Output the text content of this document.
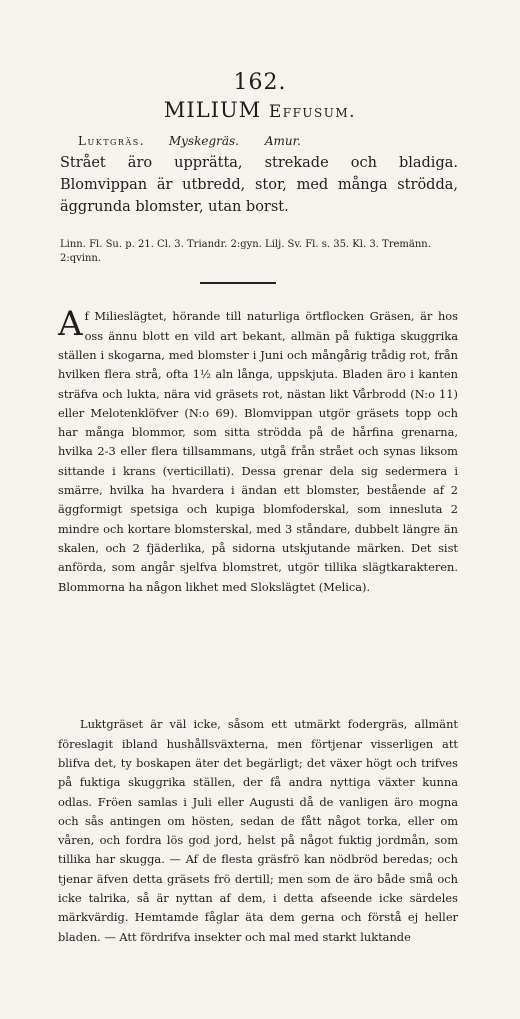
162.
MILIUM Effusum.
Luktgräs. Myskegräs. Amur.
Strået äro upprätta, strekade och bladiga. Blomvippan är utbredd, stor, med många strödda, äggrunda blomster, utan borst.
Linn. Fl. Su. p. 21. Cl. 3. Triandr. 2:gyn. Lilj. Sv. Fl. s. 35. Kl. 3. Tremänn. 2:qvinn.

Af Milieslägtet, hörande till naturliga örtflocken Gräsen, är hos oss ännu blott en vild art bekant, allmän på fuktiga skuggrika ställen i skogarna, med blomster i Juni och mångårig trådig rot, från hvilken flera strå, ofta 1½ aln långa, uppskjuta. Bladen äro i kanten sträfva och lukta, nära vid gräsets rot, nästan likt Vårbrodd (N:o 11) eller Melotenklöfver (N:o 69). Blomvippan utgör gräsets topp och har många blommor, som sitta strödda på de hårfina grenarna, hvilka 2-3 eller flera tillsammans, utgå från strået och synas liksom sittande i krans (verticillati). Dessa grenar dela sig sedermera i smärre, hvilka ha hvardera i ändan ett blomster, bestående af 2 äggformigt spetsiga och kupiga blomfoderskal, som innesluta 2 mindre och kortare blomsterskal, med 3 ståndare, dubbelt längre än skalen, och 2 fjäderlika, på sidorna utskjutande märken. Det sist anförda, som angår sjelfva blomstret, utgör tillika slägtkarakteren. Blommorna ha någon likhet med Slokslägtet (Melica).

Luktgräset är väl icke, såsom ett utmärkt fodergräs, allmänt föreslagit ibland hushållsväxterna, men förtjenar visserligen att blifva det, ty boskapen äter det begärligt; det växer högt och trifves på fuktiga skuggrika ställen, der få andra nyttiga växter kunna odlas. Fröen samlas i Juli eller Augusti då de vanligen äro mogna och sås antingen om hösten, sedan de fått något torka, eller om våren, och fordra lös god jord, helst på något fuktig jordmån, som tillika har skugga. — Af de flesta gräsfrö kan nödbröd beredas; och tjenar äfven detta gräsets frö dertill; men som de äro både små och icke talrika, så är nyttan af dem, i detta afseende icke särdeles märkvärdig. Hemtamde fåglar äta dem gerna och förstå ej heller bladen. — Att fördrifva insekter och mal med starkt luktande
